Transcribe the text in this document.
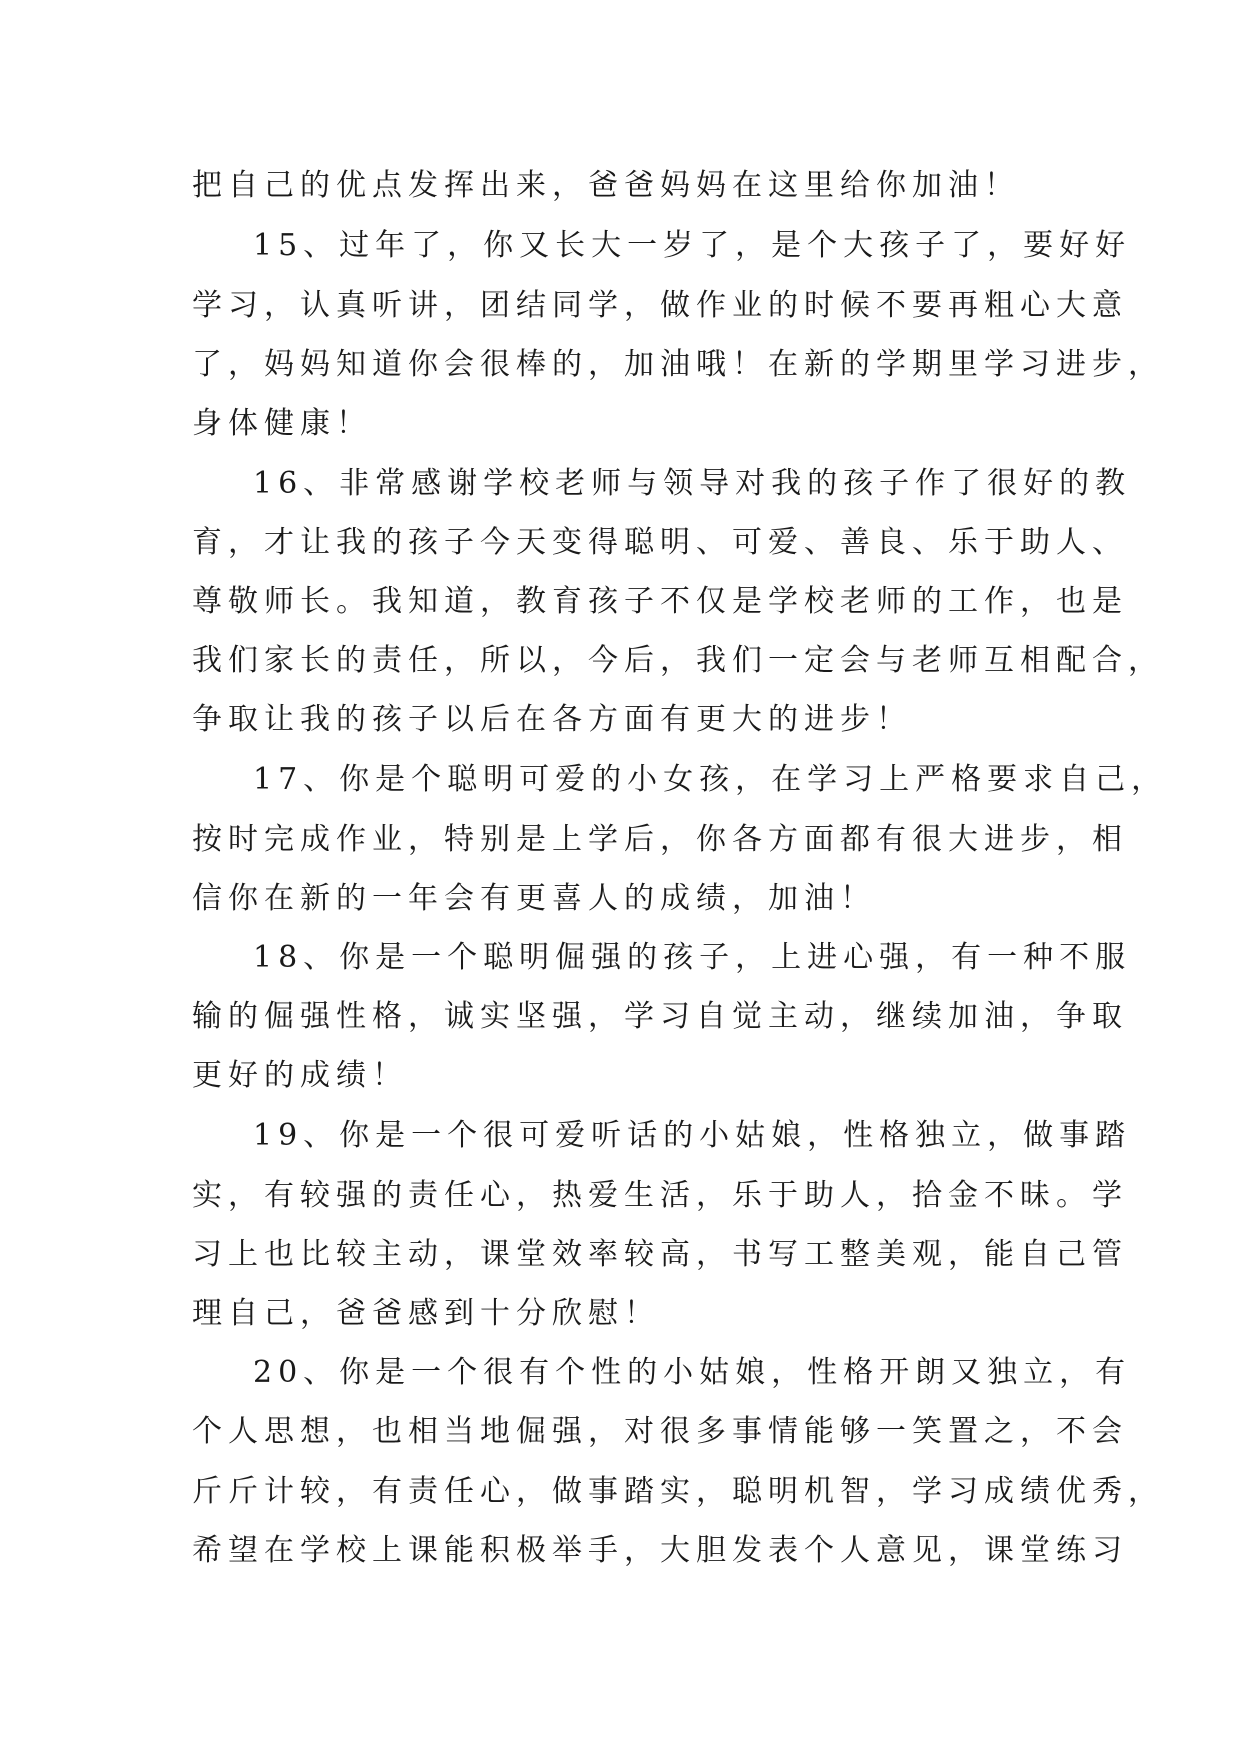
把自己的优点发挥出来，爸爸妈妈在这里给你加油！
15、过年了，你又长大一岁了，是个大孩子了，要好好
学习，认真听讲，团结同学，做作业的时候不要再粗心大意
了，妈妈知道你会很棒的，加油哦！在新的学期里学习进步，
身体健康！
16、非常感谢学校老师与领导对我的孩子作了很好的教
育，才让我的孩子今天变得聪明、可爱、善良、乐于助人、
尊敬师长。我知道，教育孩子不仅是学校老师的工作，也是
我们家长的责任，所以，今后，我们一定会与老师互相配合，
争取让我的孩子以后在各方面有更大的进步！
17、你是个聪明可爱的小女孩，在学习上严格要求自己，
按时完成作业，特别是上学后，你各方面都有很大进步，相
信你在新的一年会有更喜人的成绩，加油！
18、你是一个聪明倔强的孩子，上进心强，有一种不服
输的倔强性格，诚实坚强，学习自觉主动，继续加油，争取
更好的成绩！
19、你是一个很可爱听话的小姑娘，性格独立，做事踏
实，有较强的责任心，热爱生活，乐于助人，拾金不昧。学
习上也比较主动，课堂效率较高，书写工整美观，能自己管
理自己，爸爸感到十分欣慰！
20、你是一个很有个性的小姑娘，性格开朗又独立，有
个人思想，也相当地倔强，对很多事情能够一笑置之，不会
斤斤计较，有责任心，做事踏实，聪明机智，学习成绩优秀，
希望在学校上课能积极举手，大胆发表个人意见，课堂练习
